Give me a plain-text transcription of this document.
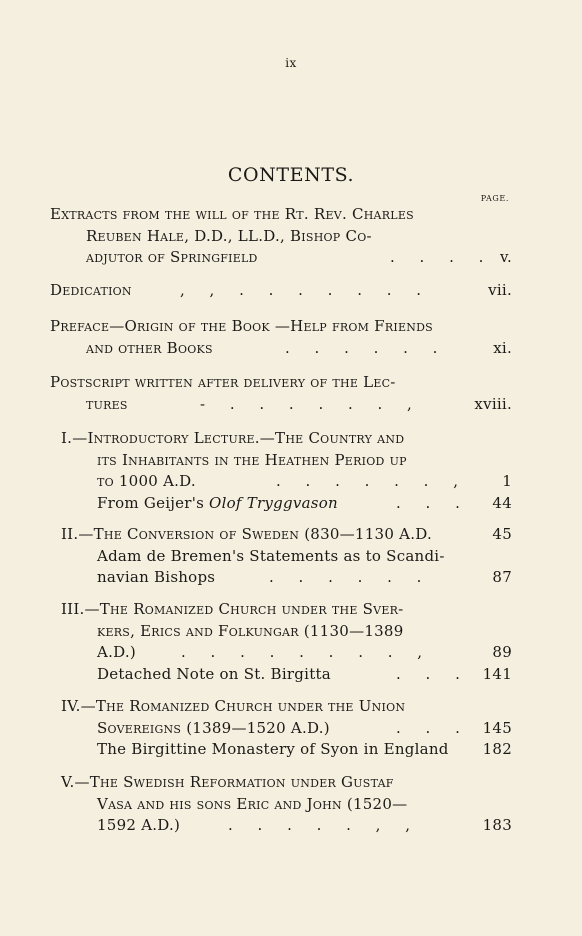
ix
CONTENTS.
PAGE.
Extracts from the will of the Rt. Rev. Charles
Reuben Hale, D.D., LL.D., Bishop Co-
adjutor of Springfield	. . . . v.
Dedication	, , . . . . . . .	vii.
Preface—Origin of the Book —Help from Friends
and other Books	. . . . . .	xi.
Postscript written after delivery of the Lec-
tures	- . . . . . . ,	xviii.
I.—Introductory Lecture.—The Country and
its Inhabitants in the Heathen Period up
to 1000 A.D.	. . . . . . , 1
From Geijer's Olof Tryggvason	. . . 44
II.—The Conversion of Sweden (830—1130 A.D.	45
Adam de Bremen's Statements as to Scandi-
navian Bishops	. . . . . .	87
III.—The Romanized Church under the Sver-
kers, Erics and Folkungar (1130—1389
A.D.)	. . . . . . . . ,	89
Detached Note on St. Birgitta	. . . 141
IV.—The Romanized Church under the Union
Sovereigns (1389—1520 A.D.)	. . . 145
The Birgittine Monastery of Syon in England 182
V.—The Swedish Reformation under Gustaf
Vasa and his sons Eric and John (1520—
1592 A.D.)	. . . . . , ,	183
